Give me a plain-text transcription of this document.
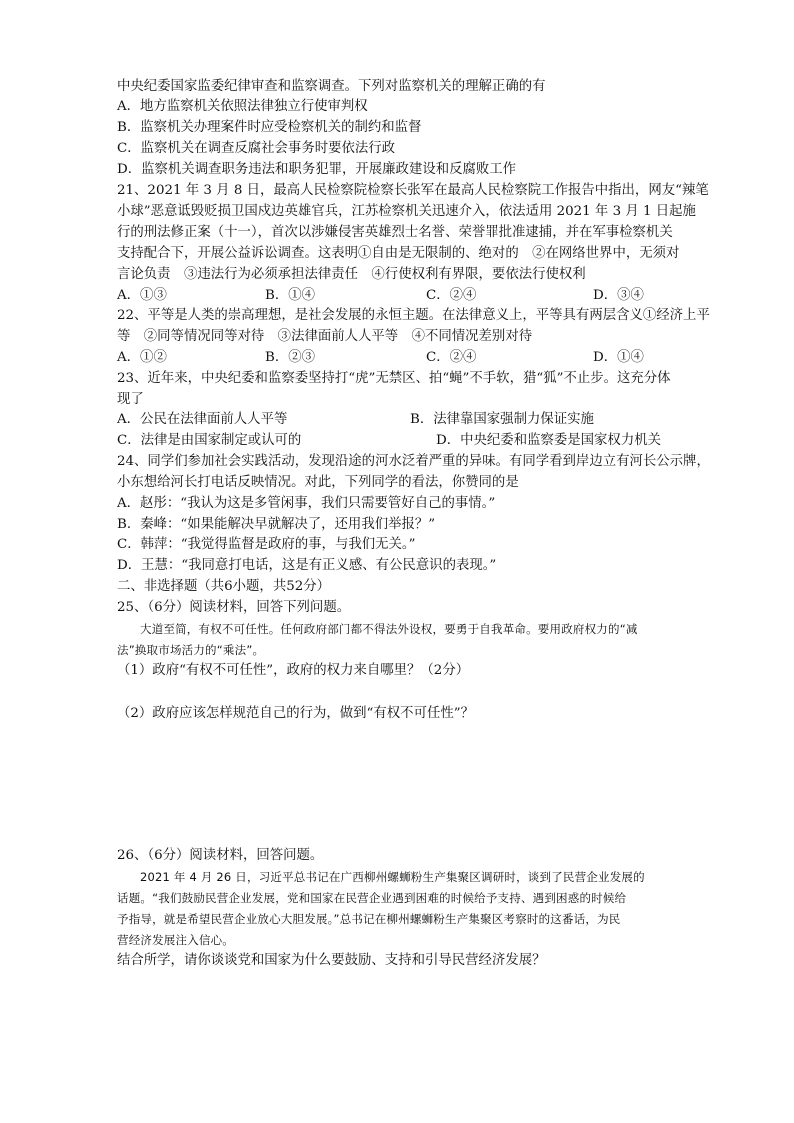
中央纪委国家监委纪律审查和监察调查。下列对监察机关的理解正确的有
A．地方监察机关依照法律独立行使审判权
B．监察机关办理案件时应受检察机关的制约和监督
C．监察机关在调查反腐社会事务时要依法行政
D．监察机关调查职务违法和职务犯罪，开展廉政建设和反腐败工作
21、2021 年 3 月 8 日，最高人民检察院检察长张军在最高人民检察院工作报告中指出，网友“辣笔
小球”恶意诋毁贬损卫国戍边英雄官兵，江苏检察机关迅速介入，依法适用 2021 年 3 月 1 日起施
行的刑法修正案（十一），首次以涉嫌侵害英雄烈士名誉、荣誉罪批准逮捕，并在军事检察机关
支持配合下，开展公益诉讼调查。这表明①自由是无限制的、绝对的　②在网络世界中，无须对
言论负责　③违法行为必须承担法律责任　④行使权利有界限，要依法行使权利
A．①③	B．①④	C．②④	D．③④
22、平等是人类的崇高理想，是社会发展的永恒主题。在法律意义上，平等具有两层含义①经济上平
等　②同等情况同等对待　③法律面前人人平等　④不同情况差别对待
A．①②	B．②③	C．②④	D．①④
23、近年来，中央纪委和监察委坚持打“虎”无禁区、拍“蝇”不手软，猎“狐”不止步。这充分体
现了
A．公民在法律面前人人平等	B．法律靠国家强制力保证实施
C．法律是由国家制定或认可的	D．中央纪委和监察委是国家权力机关
24、同学们参加社会实践活动，发现沿途的河水泛着严重的异味。有同学看到岸边立有河长公示牌，
小东想给河长打电话反映情况。对此，下列同学的看法，你赞同的是
A．赵彤：“我认为这是多管闲事，我们只需要管好自己的事情。”
B．秦峰：“如果能解决早就解决了，还用我们举报？”
C．韩萍：“我觉得监督是政府的事，与我们无关。”
D．王慧：“我同意打电话，这是有正义感、有公民意识的表现。”
二、非选择题（共6小题，共52分）
25、（6分）阅读材料，回答下列问题。
大道至简，有权不可任性。任何政府部门都不得法外设权，要勇于自我革命。要用政府权力的“减
法”换取市场活力的“乘法”。
（1）政府“有权不可任性”，政府的权力来自哪里？（2分）
（2）政府应该怎样规范自己的行为，做到“有权不可任性”？
26、（6分）阅读材料，回答问题。
2021 年 4 月 26 日，习近平总书记在广西柳州螺蛳粉生产集聚区调研时，谈到了民营企业发展的
话题。“我们鼓励民营企业发展，党和国家在民营企业遇到困难的时候给予支持、遇到困惑的时候给
予指导，就是希望民营企业放心大胆发展。”总书记在柳州螺蛳粉生产集聚区考察时的这番话，为民
营经济发展注入信心。
结合所学，请你谈谈党和国家为什么要鼓励、支持和引导民营经济发展？
